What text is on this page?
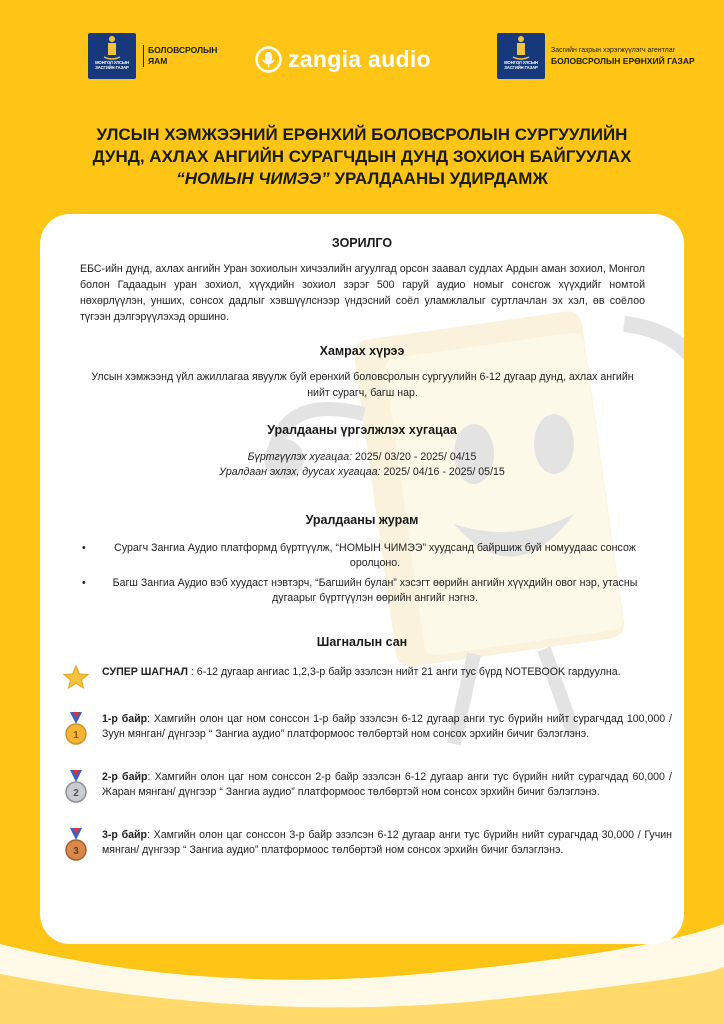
МОНГОЛ УЛСЫН ЗАСГИЙН ГАЗАР
БОЛОВСРОЛЫН
ЯАМ	zangia audio	МОНГОЛ УЛСЫН ЗАСГИЙН ГАЗАР
Засгийн газрын хэрэгжүүлэгч агентлаг
БОЛОВСРОЛЫН ЕРӨНХИЙ ГАЗАР
УЛСЫН ХЭМЖЭЭНИЙ ЕРӨНХИЙ БОЛОВСРОЛЫН СУРГУУЛИЙН
ДУНД, АХЛАХ АНГИЙН СУРАГЧДЫН ДУНД ЗОХИОН БАЙГУУЛАХ
“НОМЫН ЧИМЭЭ” УРАЛДААНЫ УДИРДАМЖ
ЗОРИЛГО
ЕБС-ийн дунд, ахлах ангийн Уран зохиолын хичээлийн агуулгад орсон заавал судлах Ардын аман зохиол, Монгол болон Гадаадын уран зохиол, хүүхдийн зохиол зэрэг 500 гаруй аудио номыг сонсгож хүүхдийг номтой нөхөрлүүлэн, унших, сонсох дадлыг хэвшүүлснээр үндэсний соёл уламжлалыг суртлачлан эх хэл, өв соёлоо түгээн дэлгэрүүлэхэд оршино.
Хамрах хүрээ
Улсын хэмжээнд үйл ажиллагаа явуулж буй ерөнхий боловсролын сургуулийн 6-12 дугаар дунд, ахлах ангийн нийт сурагч, багш нар.
Уралдааны үргэлжлэх хугацаа
Бүртгүүлэх хугацаа: 2025/ 03/20 - 2025/ 04/15
Уралдаан эхлэх, дуусах хугацаа: 2025/ 04/16 - 2025/ 05/15
Уралдааны журам
• Сурагч Зангиа Аудио платформд бүртгүүлж, “НОМЫН ЧИМЭЭ” хуудсанд байршиж буй номуудаас сонсож оролцоно.
• Багш Зангиа Аудио вэб хуудаст нэвтэрч, “Багшийн булан” хэсэгт өөрийн ангийн хүүхдийн овог нэр, утасны дугаарыг бүртгүүлэн өөрийн ангийг нэгнэ.
Шагналын сан
СУПЕР ШАГНАЛ : 6-12 дугаар ангиас 1,2,3-р байр эзэлсэн нийт 21 анги тус бүрд NOTEBOOK гардуулна.
1
1-р байр: Хамгийн олон цаг ном сонссон 1-р байр эзэлсэн 6-12 дугаар анги тус бүрийн нийт сурагчдад 100,000 / Зуун мянган/ дүнгээр “ Зангиа аудио” платформоос төлбөртэй ном сонсох эрхийн бичиг бэлэглэнэ.
2
2-р байр: Хамгийн олон цаг ном сонссон 2-р байр эзэлсэн 6-12 дугаар анги тус бүрийн нийт сурагчдад 60,000 / Жаран мянган/ дүнгээр “ Зангиа аудио” платформоос төлбөртэй ном сонсох эрхийн бичиг бэлэглэнэ.
3
3-р байр: Хамгийн олон цаг сонссон 3-р байр эзэлсэн 6-12 дугаар анги тус бүрийн нийт сурагчдад 30,000 / Гучин мянган/ дүнгээр “ Зангиа аудио” платформоос төлбөртэй ном сонсох эрхийн бичиг бэлэглэнэ.
